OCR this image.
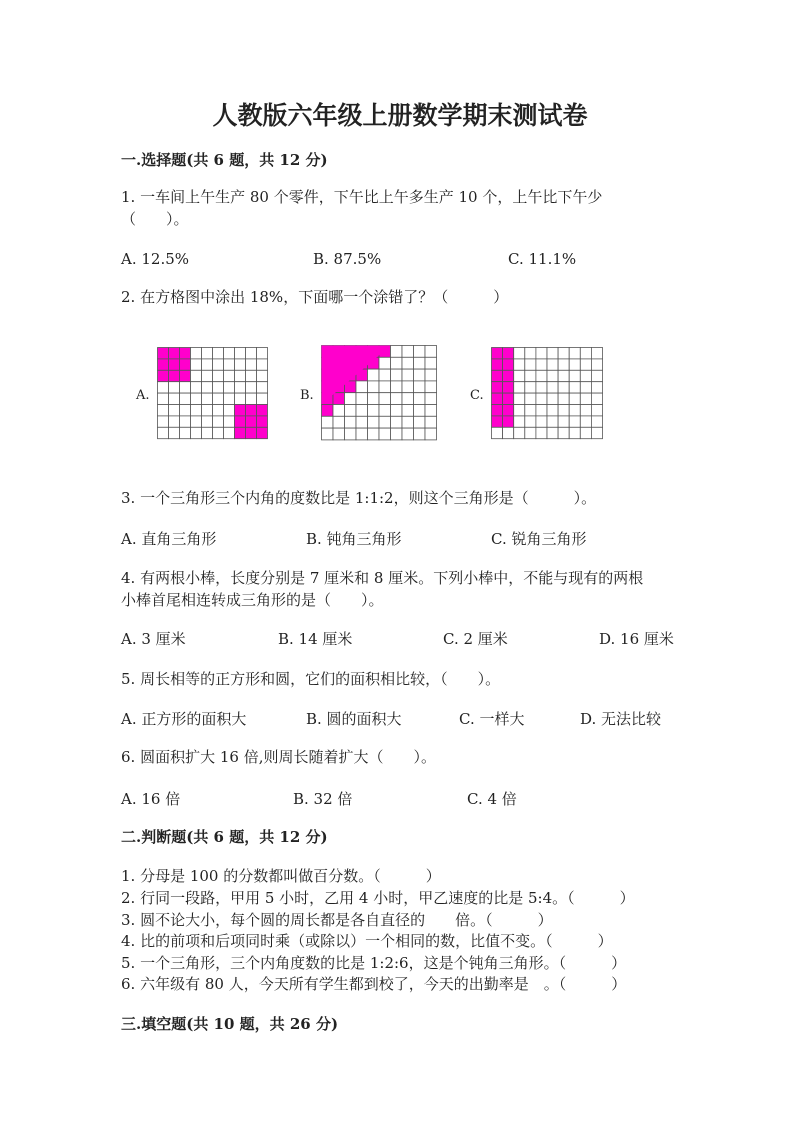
人教版六年级上册数学期末测试卷
一.选择题(共 6 题，共 12 分)
1. 一车间上午生产 80 个零件，下午比上午多生产 10 个，上午比下午少
（　　）。
A. 12.5%	B. 87.5%	C. 11.1%
2. 在方格图中涂出 18%，下面哪一个涂错了？（　　　）
A.	B.	C.
3. 一个三角形三个内角的度数比是 1:1:2，则这个三角形是（　　　）。
A. 直角三角形	B. 钝角三角形	C. 锐角三角形
4. 有两根小棒，长度分别是 7 厘米和 8 厘米。下列小棒中，不能与现有的两根
小棒首尾相连转成三角形的是（　　）。
A. 3 厘米	B. 14 厘米	C. 2 厘米	D. 16 厘米
5. 周长相等的正方形和圆，它们的面积相比较，（　　）。
A. 正方形的面积大	B. 圆的面积大	C. 一样大	D. 无法比较
6. 圆面积扩大 16 倍,则周长随着扩大（　　）。
A. 16 倍	B. 32 倍	C. 4 倍
二.判断题(共 6 题，共 12 分)
1. 分母是 100 的分数都叫做百分数。（　　　）
2. 行同一段路，甲用 5 小时，乙用 4 小时，甲乙速度的比是 5:4。（　　　）
3. 圆不论大小，每个圆的周长都是各自直径的　　倍。（　　　）
4. 比的前项和后项同时乘（或除以）一个相同的数，比值不变。（　　　）
5. 一个三角形，三个内角度数的比是 1:2:6，这是个钝角三角形。（　　　）
6. 六年级有 80 人，今天所有学生都到校了，今天的出勤率是　。（　　　）
三.填空题(共 10 题，共 26 分)
